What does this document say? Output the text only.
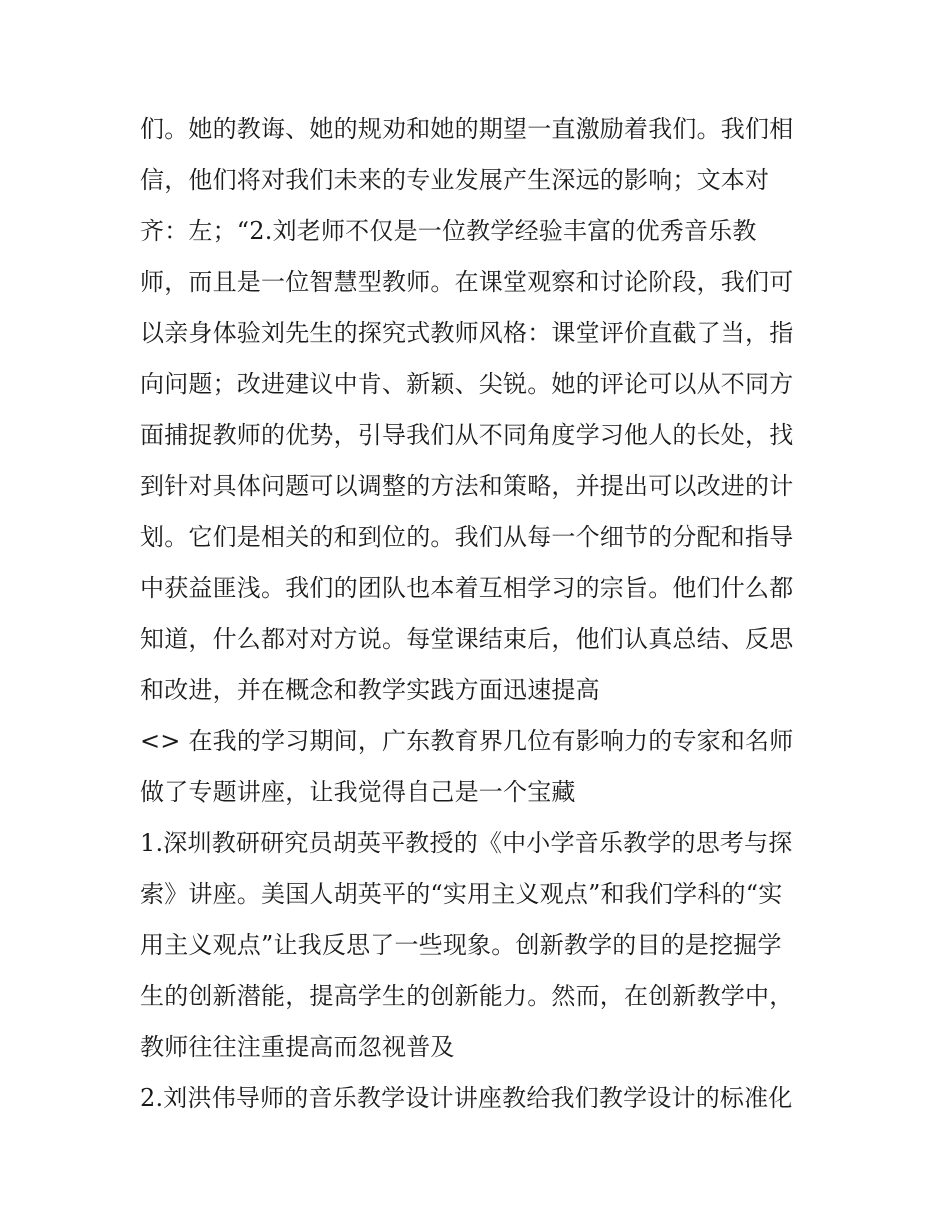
们。她的教诲、她的规劝和她的期望一直激励着我们。我们相
信，他们将对我们未来的专业发展产生深远的影响；文本对
齐：左；“2.刘老师不仅是一位教学经验丰富的优秀音乐教
师，而且是一位智慧型教师。在课堂观察和讨论阶段，我们可
以亲身体验刘先生的探究式教师风格：课堂评价直截了当，指
向问题；改进建议中肯、新颖、尖锐。她的评论可以从不同方
面捕捉教师的优势，引导我们从不同角度学习他人的长处，找
到针对具体问题可以调整的方法和策略，并提出可以改进的计
划。它们是相关的和到位的。我们从每一个细节的分配和指导
中获益匪浅。我们的团队也本着互相学习的宗旨。他们什么都
知道，什么都对对方说。每堂课结束后，他们认真总结、反思
和改进，并在概念和教学实践方面迅速提高
<> 在我的学习期间，广东教育界几位有影响力的专家和名师
做了专题讲座，让我觉得自己是一个宝藏
1.深圳教研研究员胡英平教授的《中小学音乐教学的思考与探
索》讲座。美国人胡英平的“实用主义观点”和我们学科的“实
用主义观点”让我反思了一些现象。创新教学的目的是挖掘学
生的创新潜能，提高学生的创新能力。然而，在创新教学中，
教师往往注重提高而忽视普及
2.刘洪伟导师的音乐教学设计讲座教给我们教学设计的标准化
